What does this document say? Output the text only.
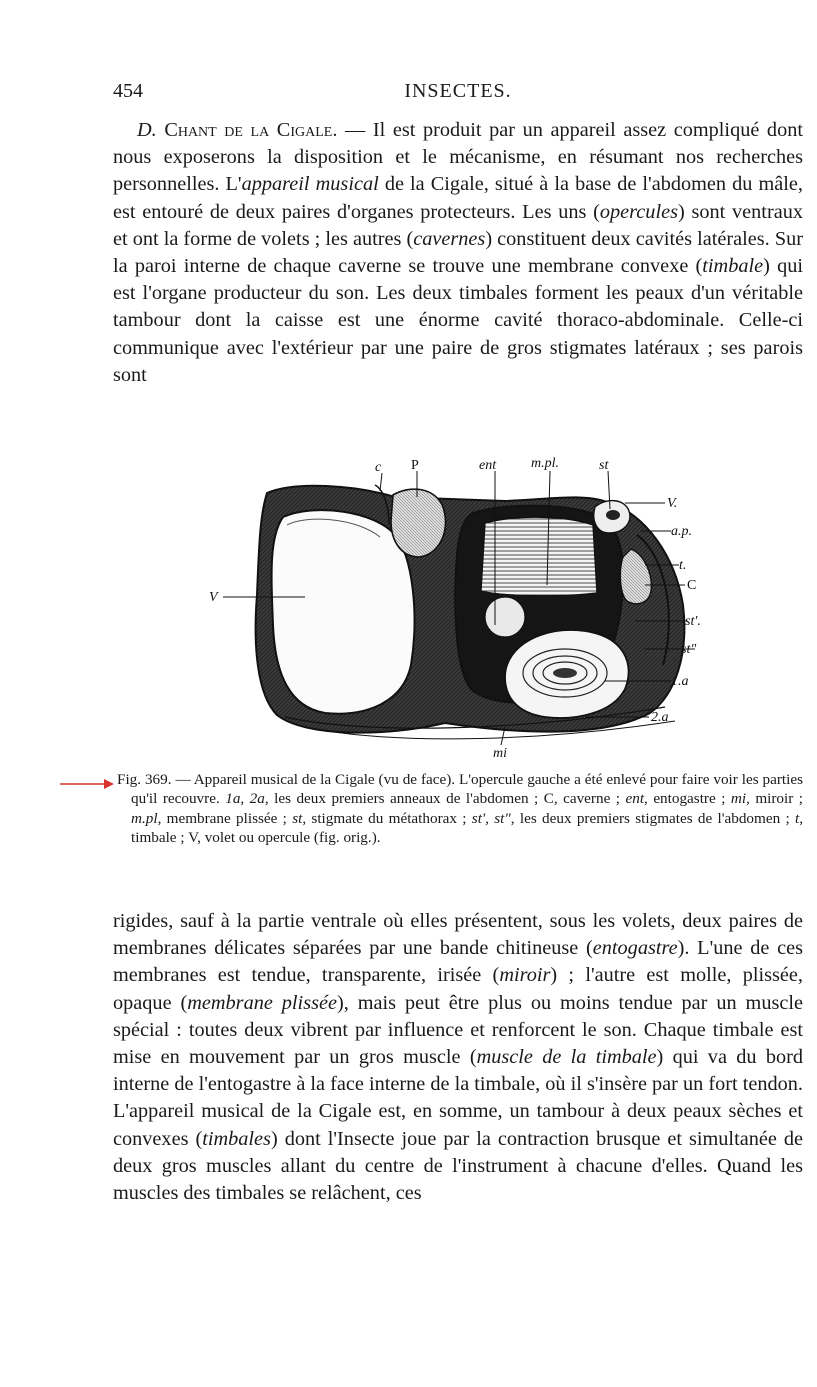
454	INSECTES.

D. Chant de la Cigale. — Il est produit par un appareil assez compliqué dont nous exposerons la disposition et le mécanisme, en résumant nos recherches personnelles. L'appareil musical de la Cigale, situé à la base de l'abdomen du mâle, est entouré de deux paires d'organes protecteurs. Les uns (opercules) sont ventraux et ont la forme de volets ; les autres (cavernes) constituent deux cavités latérales. Sur la paroi interne de chaque caverne se trouve une membrane convexe (timbale) qui est l'organe producteur du son. Les deux timbales forment les peaux d'un véritable tambour dont la caisse est une énorme cavité thoraco-abdominale. Celle-ci communique avec l'extérieur par une paire de gros stigmates latéraux ; ses parois sont

c P	ent m.pl.	st
V
V.
a.p.
t.
C
st'.
st"
1.a
2.a
mi

Fig. 369. — Appareil musical de la Cigale (vu de face). L'opercule gauche a été enlevé pour faire voir les parties qu'il recouvre. 1a, 2a, les deux premiers anneaux de l'abdomen ; C, caverne ; ent, entogastre ; mi, miroir ; m.pl, membrane plissée ; st, stigmate du métathorax ; st', st", les deux premiers stigmates de l'abdomen ; t, timbale ; V, volet ou opercule (fig. orig.).

rigides, sauf à la partie ventrale où elles présentent, sous les volets, deux paires de membranes délicates séparées par une bande chitineuse (entogastre). L'une de ces membranes est tendue, transparente, irisée (miroir) ; l'autre est molle, plissée, opaque (membrane plissée), mais peut être plus ou moins tendue par un muscle spécial : toutes deux vibrent par influence et renforcent le son. Chaque timbale est mise en mouvement par un gros muscle (muscle de la timbale) qui va du bord interne de l'entogastre à la face interne de la timbale, où il s'insère par un fort tendon. L'appareil musical de la Cigale est, en somme, un tambour à deux peaux sèches et convexes (timbales) dont l'Insecte joue par la contraction brusque et simultanée de deux gros muscles allant du centre de l'instrument à chacune d'elles. Quand les muscles des timbales se relâchent, ces
